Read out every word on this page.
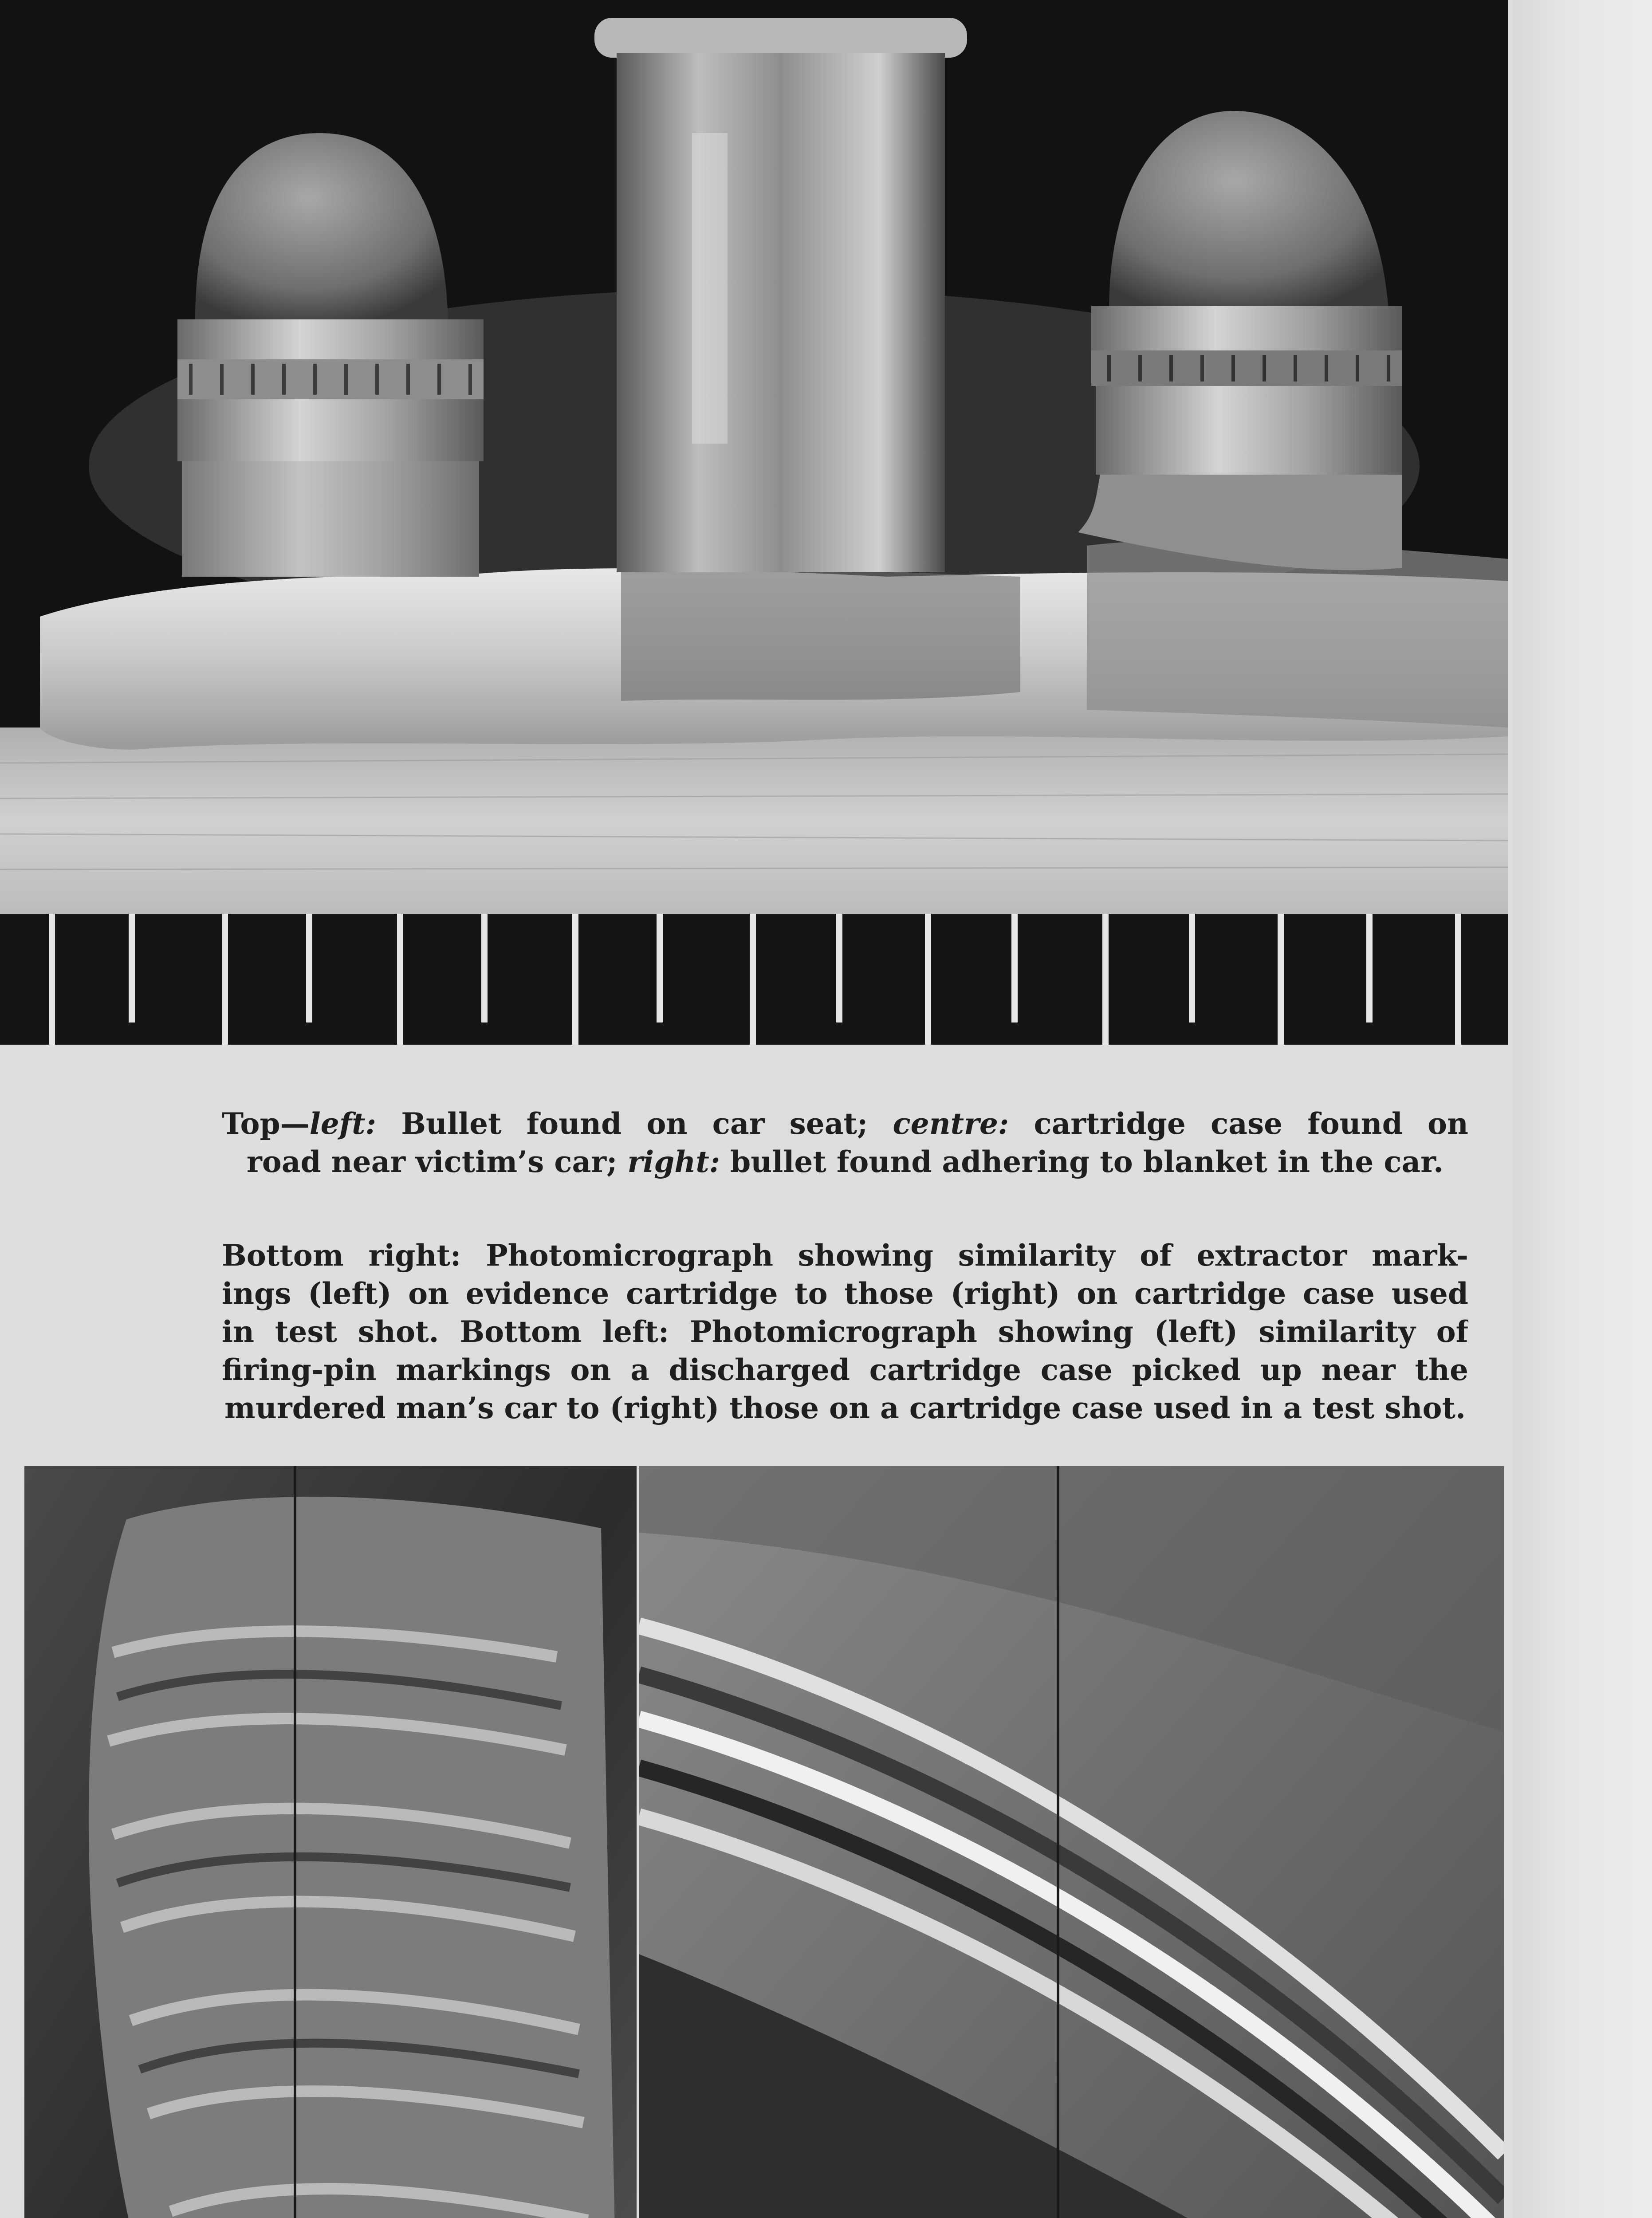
Top—left: Bullet found on car seat; centre: cartridge case found on
road near victim’s car; right: bullet found adhering to blanket in the car.
Bottom right: Photomicrograph showing similarity of extractor mark-
ings (left) on evidence cartridge to those (right) on cartridge case used
in test shot. Bottom left: Photomicrograph showing (left) similarity of
firing-pin markings on a discharged cartridge case picked up near the
murdered man’s car to (right) those on a cartridge case used in a test shot.
